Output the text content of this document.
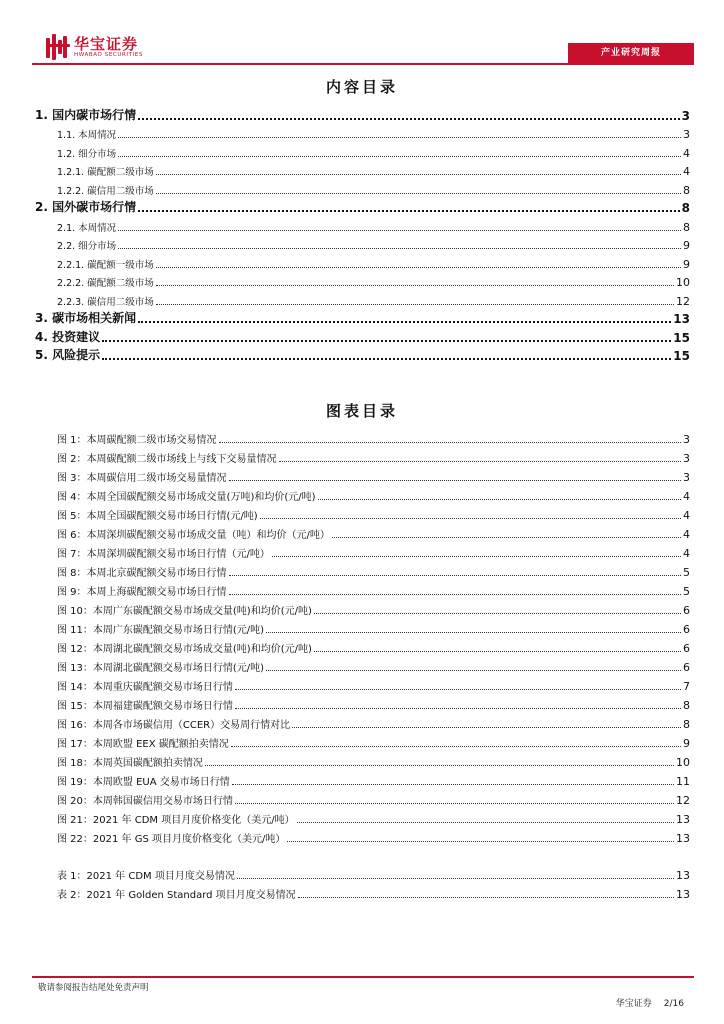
华宝证券
HWABAO SECURITIES	产业研究周报
内容目录
1. 国内碳市场行情	3
1.1. 本周情况	3
1.2. 细分市场	4
1.2.1. 碳配额二级市场	4
1.2.2. 碳信用二级市场	8
2. 国外碳市场行情	8
2.1. 本周情况	8
2.2. 细分市场	9
2.2.1. 碳配额一级市场	9
2.2.2. 碳配额二级市场	10
2.2.3. 碳信用二级市场	12
3. 碳市场相关新闻	13
4. 投资建议	15
5. 风险提示	15
图表目录
图 1：本周碳配额二级市场交易情况	3
图 2：本周碳配额二级市场线上与线下交易量情况	3
图 3：本周碳信用二级市场交易量情况	3
图 4：本周全国碳配额交易市场成交量(万吨)和均价(元/吨)	4
图 5：本周全国碳配额交易市场日行情(元/吨)	4
图 6：本周深圳碳配额交易市场成交量（吨）和均价（元/吨）	4
图 7：本周深圳碳配额交易市场日行情（元/吨）	4
图 8：本周北京碳配额交易市场日行情	5
图 9：本周上海碳配额交易市场日行情	5
图 10：本周广东碳配额交易市场成交量(吨)和均价(元/吨)	6
图 11：本周广东碳配额交易市场日行情(元/吨)	6
图 12：本周湖北碳配额交易市场成交量(吨)和均价(元/吨)	6
图 13：本周湖北碳配额交易市场日行情(元/吨)	6
图 14：本周重庆碳配额交易市场日行情	7
图 15：本周福建碳配额交易市场日行情	8
图 16：本周各市场碳信用（CCER）交易周行情对比	8
图 17：本周欧盟 EEX 碳配额拍卖情况	9
图 18：本周英国碳配额拍卖情况	10
图 19：本周欧盟 EUA 交易市场日行情	11
图 20：本周韩国碳信用交易市场日行情	12
图 21：2021 年 CDM 项目月度价格变化（美元/吨）	13
图 22：2021 年 GS 项目月度价格变化（美元/吨）	13
表 1：2021 年 CDM 项目月度交易情况	13
表 2：2021 年 Golden Standard 项目月度交易情况	13
敬请参阅报告结尾处免责声明
华宝证券 2/16
